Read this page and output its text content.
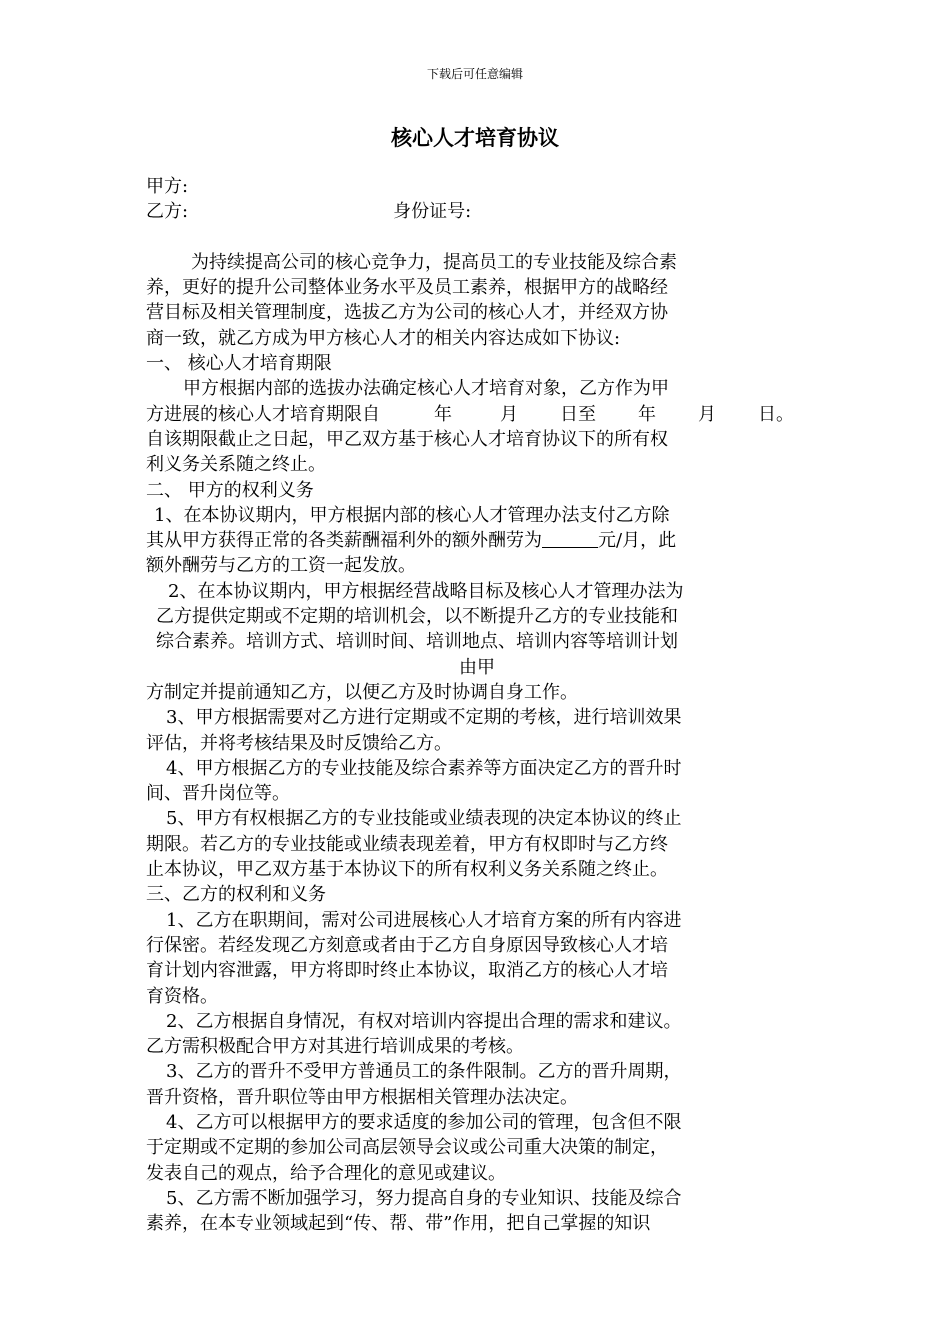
下载后可任意编辑
核心人才培育协议
甲方:
乙方:	身份证号:
为持续提高公司的核心竞争力，提高员工的专业技能及综合素
养，更好的提升公司整体业务水平及员工素养，根据甲方的战略经
营目标及相关管理制度，选拔乙方为公司的核心人才，并经双方协
商一致，就乙方成为甲方核心人才的相关内容达成如下协议:
一、 核心人才培育期限
甲方根据内部的选拔办法确定核心人才培育对象，乙方作为甲
方进展的核心人才培育期限自	年	月 日至 年 月 日。
自该期限截止之日起，甲乙双方基于核心人才培育协议下的所有权
利义务关系随之终止。
二、 甲方的权利义务
1、在本协议期内，甲方根据内部的核心人才管理办法支付乙方除
其从甲方获得正常的各类薪酬福利外的额外酬劳为	元/月，此
额外酬劳与乙方的工资一起发放。
2、在本协议期内，甲方根据经营战略目标及核心人才管理办法为
乙方提供定期或不定期的培训机会，以不断提升乙方的专业技能和
综合素养。培训方式、培训时间、培训地点、培训内容等培训计划
由甲
方制定并提前通知乙方，以便乙方及时协调自身工作。
3、甲方根据需要对乙方进行定期或不定期的考核，进行培训效果
评估，并将考核结果及时反馈给乙方。
4、甲方根据乙方的专业技能及综合素养等方面决定乙方的晋升时
间、晋升岗位等。
5、甲方有权根据乙方的专业技能或业绩表现的决定本协议的终止
期限。若乙方的专业技能或业绩表现差着，甲方有权即时与乙方终
止本协议，甲乙双方基于本协议下的所有权利义务关系随之终止。
三、乙方的权利和义务
1、乙方在职期间，需对公司进展核心人才培育方案的所有内容进
行保密。若经发现乙方刻意或者由于乙方自身原因导致核心人才培
育计划内容泄露，甲方将即时终止本协议，取消乙方的核心人才培
育资格。
2、乙方根据自身情况，有权对培训内容提出合理的需求和建议。
乙方需积极配合甲方对其进行培训成果的考核。
3、乙方的晋升不受甲方普通员工的条件限制。乙方的晋升周期，
晋升资格，晋升职位等由甲方根据相关管理办法决定。
4、乙方可以根据甲方的要求适度的参加公司的管理，包含但不限
于定期或不定期的参加公司高层领导会议或公司重大决策的制定，
发表自己的观点，给予合理化的意见或建议。
5、乙方需不断加强学习，努力提高自身的专业知识、技能及综合
素养，在本专业领域起到“传、帮、带”作用，把自己掌握的知识
